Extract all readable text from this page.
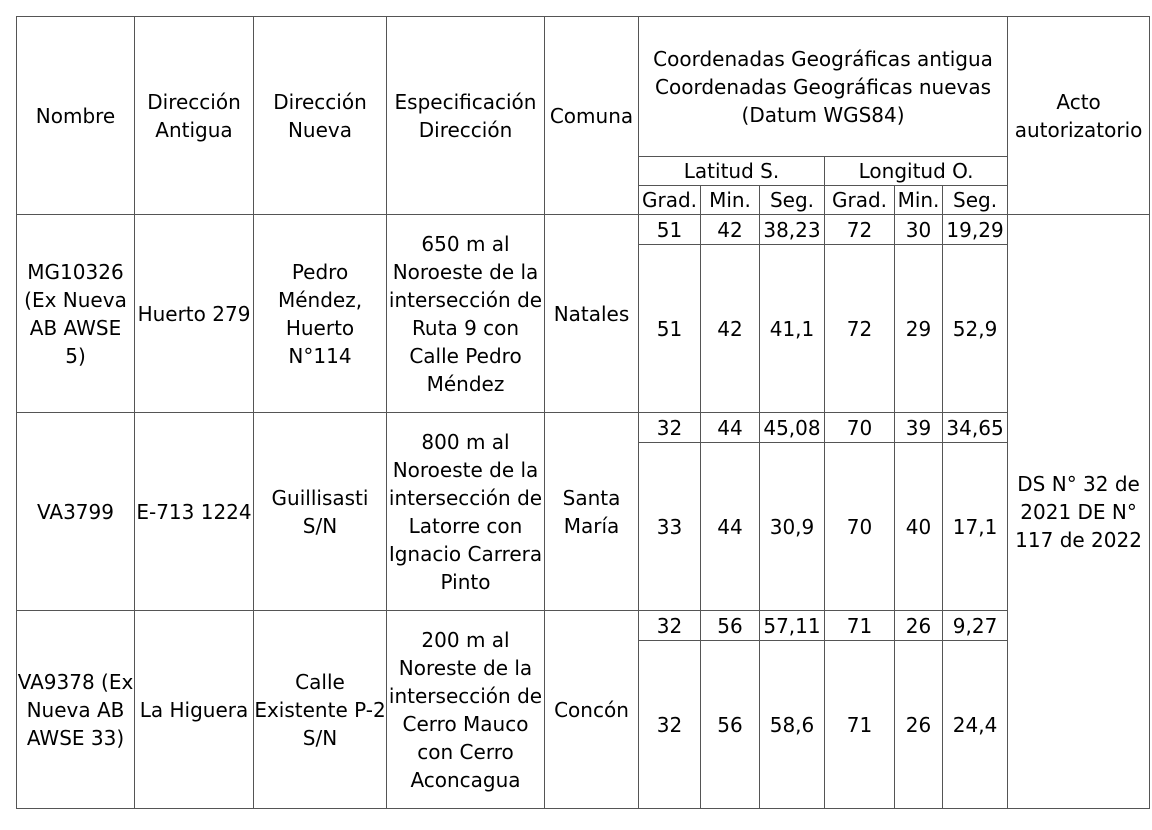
Nombre	Dirección Antigua	Dirección Nueva	Especificación Dirección	Comuna	Coordenadas Geográficas antigua
Coordenadas Geográficas nuevas
(Datum WGS84)						Acto autorizatorio
					Latitud S.			Longitud O.			
					Grad.	Min.	Seg.	Grad.	Min.	Seg.	
MG10326 (Ex Nueva AB AWSE 5)	Huerto 279	Pedro Méndez, Huerto N°114	650 m al Noroeste de la intersección de Ruta 9 con Calle Pedro Méndez	Natales	51	42	38,23	72	30	19,29	DS N° 32 de 2021 DE N° 117 de 2022
					51	42	41,1	72	29	52,9	
VA3799	E-713 1224	Guillisasti S/N	800 m al Noroeste de la intersección de Latorre con Ignacio Carrera Pinto	Santa María	32	44	45,08	70	39	34,65	
					33	44	30,9	70	40	17,1	
VA9378 (Ex Nueva AB AWSE 33)	La Higuera	Calle Existente P-2 S/N	200 m al Noreste de la intersección de Cerro Mauco con Cerro Aconcagua	Concón	32	56	57,11	71	26	9,27	
					32	56	58,6	71	26	24,4	
